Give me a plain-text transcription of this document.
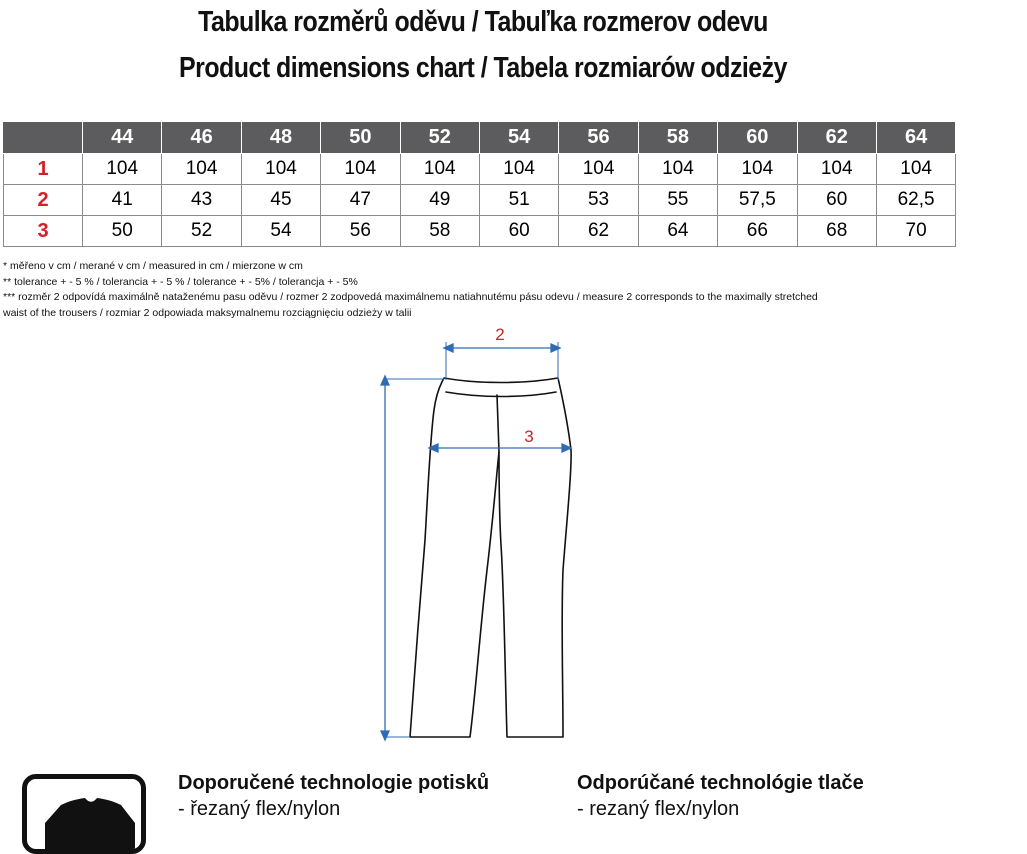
Tabulka rozměrů oděvu / Tabuľka rozmerov odevu
Product dimensions chart / Tabela rozmiarów odzieży
	44	46	48	50	52	54	56	58	60	62	64
1	104	104	104	104	104	104	104	104	104	104	104
2	41	43	45	47	49	51	53	55	57,5	60	62,5
3	50	52	54	56	58	60	62	64	66	68	70
* měřeno v cm / merané v cm / measured in cm / mierzone w cm
** tolerance + - 5 % / tolerancia + - 5 % / tolerance + - 5% / tolerancja + - 5%
*** rozměr 2 odpovídá maximálně nataženému pasu oděvu / rozmer 2 zodpovedá maximálnemu natiahnutému pásu odevu / measure 2 corresponds to the maximally stretched
waist of the trousers / rozmiar 2 odpowiada maksymalnemu rozciągnięciu odzieży w talii
2
3
Doporučené technologie potisků
- řezaný flex/nylon
Odporúčané technológie tlače
- rezaný flex/nylon
